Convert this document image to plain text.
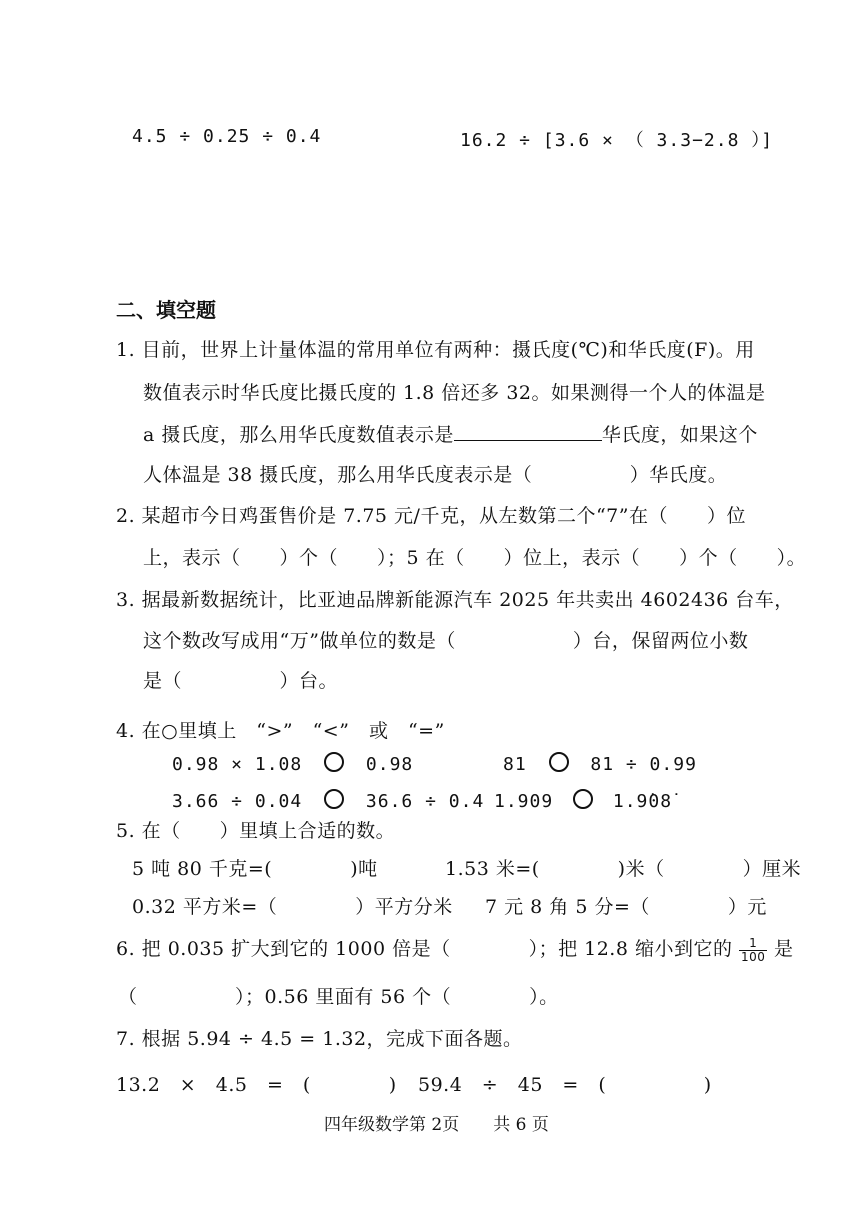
4.5 ÷ 0.25 ÷ 0.4	16.2 ÷ [3.6 × （ 3.3−2.8 ）]
二、填空题
1. 目前，世界上计量体温的常用单位有两种：摄氏度(℃)和华氏度(F)。用
数值表示时华氏度比摄氏度的 1.8 倍还多 32。如果测得一个人的体温是
a 摄氏度，那么用华氏度数值表示是	华氏度，如果这个
人体温是 38 摄氏度，那么用华氏度表示是（　　　　　）华氏度。
2. 某超市今日鸡蛋售价是 7.75 元/千克，从左数第二个“7”在（　　）位
上，表示（　　）个（　　）；5 在（　　）位上，表示（　　）个（　　）。
3. 据最新数据统计，比亚迪品牌新能源汽车 2025 年共卖出 4602436 台车，
这个数改写成用“万”做单位的数是（　　　　　　）台，保留两位小数
是（　　　　　）台。
4. 在○里填上　“>”　“<”　或　“=”
0.98 × 1.08	0.98	81	81 ÷ 0.99
3.66 ÷ 0.04	36.6 ÷ 0.4 1.909	1.9̇08̇
5. 在（　　）里填上合适的数。
5 吨 80 千克=(　　　　)吨	1.53 米=(　　　　)米（　　　　）厘米
0.32 平方米=（　　　　）平方分米 7 元 8 角 5 分=（　　　　）元
6. 把 0.035 扩大到它的 1000 倍是（　　　　）；把 12.8 缩小到它的 $\frac{1}{100}$ 是
（　　　　　）；0.56 里面有 56 个（　　　　）。
7. 根据 5.94 ÷ 4.5 = 1.32，完成下面各题。
13.2　×　4.5　=　(　　　　) 59.4　÷　45　=　(　　　　　)
四年级数学第 2页　　共 6 页
